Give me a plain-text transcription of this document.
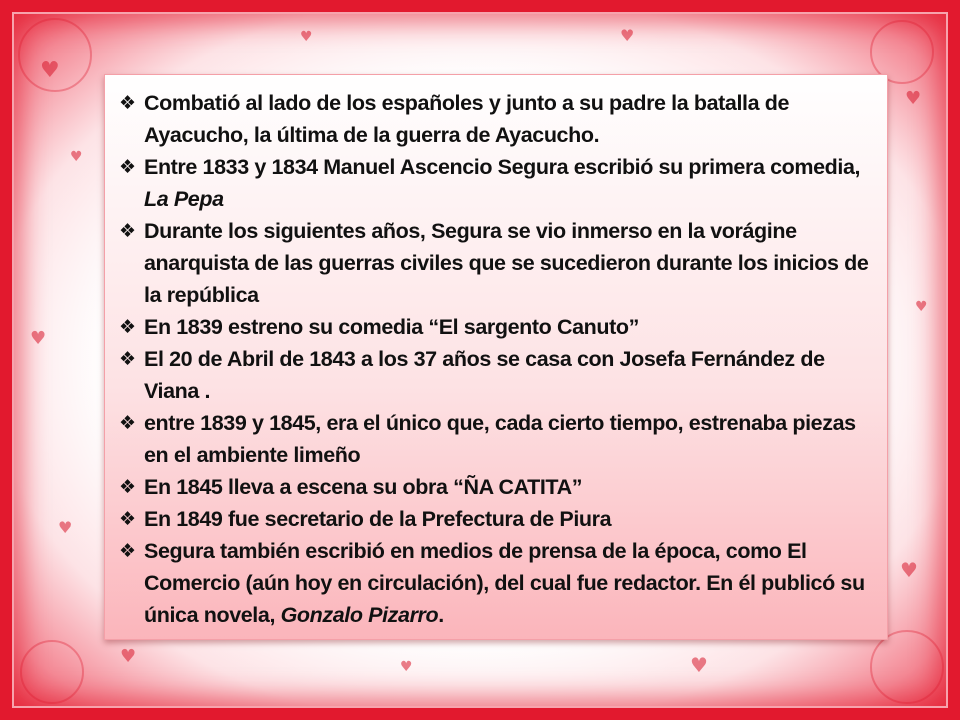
♥
♥
♥
♥
♥	♥	♥
♥
♥
♥
♥	♥
❖ Combatió al lado de los españoles y junto a su padre la batalla de Ayacucho, la última de la guerra de Ayacucho.
❖ Entre 1833 y 1834 Manuel Ascencio Segura escribió su primera comedia, La Pepa
❖ Durante los siguientes años, Segura se vio inmerso en la vorágine anarquista de las guerras civiles que se sucedieron durante los inicios de la república
❖ En 1839 estreno su comedia “El sargento Canuto”
❖ El 20 de Abril de 1843 a los 37 años se casa con Josefa Fernández de Viana .
❖ entre 1839 y 1845, era el único que, cada cierto tiempo, estrenaba piezas en el ambiente limeño
❖ En 1845 lleva a escena su obra “ÑA CATITA”
❖ En 1849 fue secretario de la Prefectura de Piura
❖ Segura también escribió en medios de prensa de la época, como El Comercio (aún hoy en circulación), del cual fue redactor. En él publicó su única novela, Gonzalo Pizarro.
